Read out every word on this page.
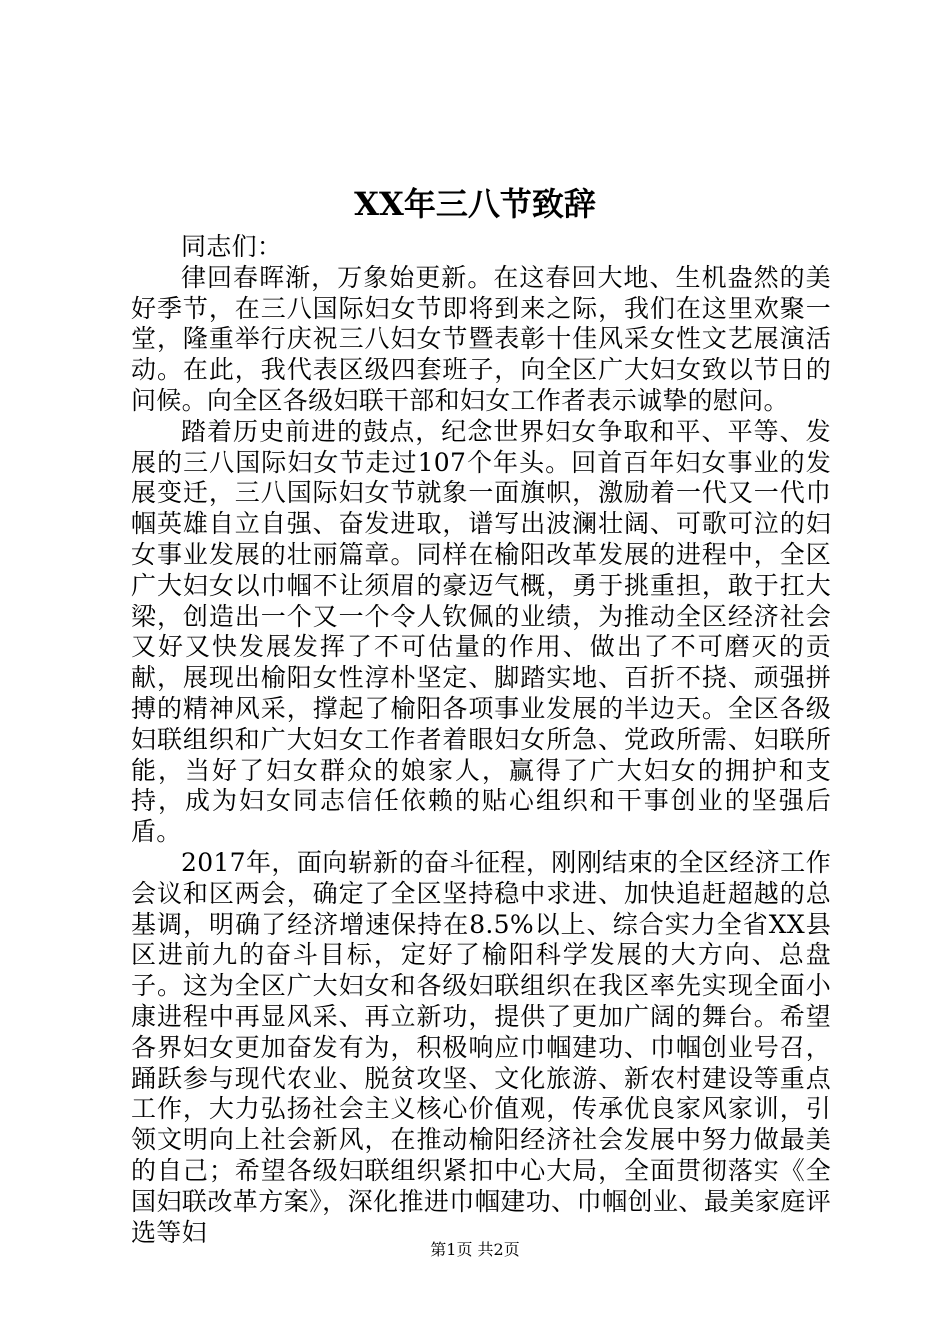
XX年三八节致辞

同志们：

律回春晖渐，万象始更新。在这春回大地、生机盎然的美好季节，在三八国际妇女节即将到来之际，我们在这里欢聚一堂，隆重举行庆祝三八妇女节暨表彰十佳风采女性文艺展演活动。在此，我代表区级四套班子，向全区广大妇女致以节日的问候。向全区各级妇联干部和妇女工作者表示诚挚的慰问。

踏着历史前进的鼓点，纪念世界妇女争取和平、平等、发展的三八国际妇女节走过107个年头。回首百年妇女事业的发展变迁，三八国际妇女节就象一面旗帜，激励着一代又一代巾帼英雄自立自强、奋发进取，谱写出波澜壮阔、可歌可泣的妇女事业发展的壮丽篇章。同样在榆阳改革发展的进程中，全区广大妇女以巾帼不让须眉的豪迈气概，勇于挑重担，敢于扛大梁，创造出一个又一个令人钦佩的业绩，为推动全区经济社会又好又快发展发挥了不可估量的作用、做出了不可磨灭的贡献，展现出榆阳女性淳朴坚定、脚踏实地、百折不挠、顽强拼搏的精神风采，撑起了榆阳各项事业发展的半边天。全区各级妇联组织和广大妇女工作者着眼妇女所急、党政所需、妇联所能，当好了妇女群众的娘家人，赢得了广大妇女的拥护和支持，成为妇女同志信任依赖的贴心组织和干事创业的坚强后盾。

2017年，面向崭新的奋斗征程，刚刚结束的全区经济工作会议和区两会，确定了全区坚持稳中求进、加快追赶超越的总基调，明确了经济增速保持在8.5%以上、综合实力全省XX县区进前九的奋斗目标，定好了榆阳科学发展的大方向、总盘子。这为全区广大妇女和各级妇联组织在我区率先实现全面小康进程中再显风采、再立新功，提供了更加广阔的舞台。希望各界妇女更加奋发有为，积极响应巾帼建功、巾帼创业号召，踊跃参与现代农业、脱贫攻坚、文化旅游、新农村建设等重点工作，大力弘扬社会主义核心价值观，传承优良家风家训，引领文明向上社会新风，在推动榆阳经济社会发展中努力做最美的自己；希望各级妇联组织紧扣中心大局，全面贯彻落实《全国妇联改革方案》，深化推进巾帼建功、巾帼创业、最美家庭评选等妇

第1页 共2页
